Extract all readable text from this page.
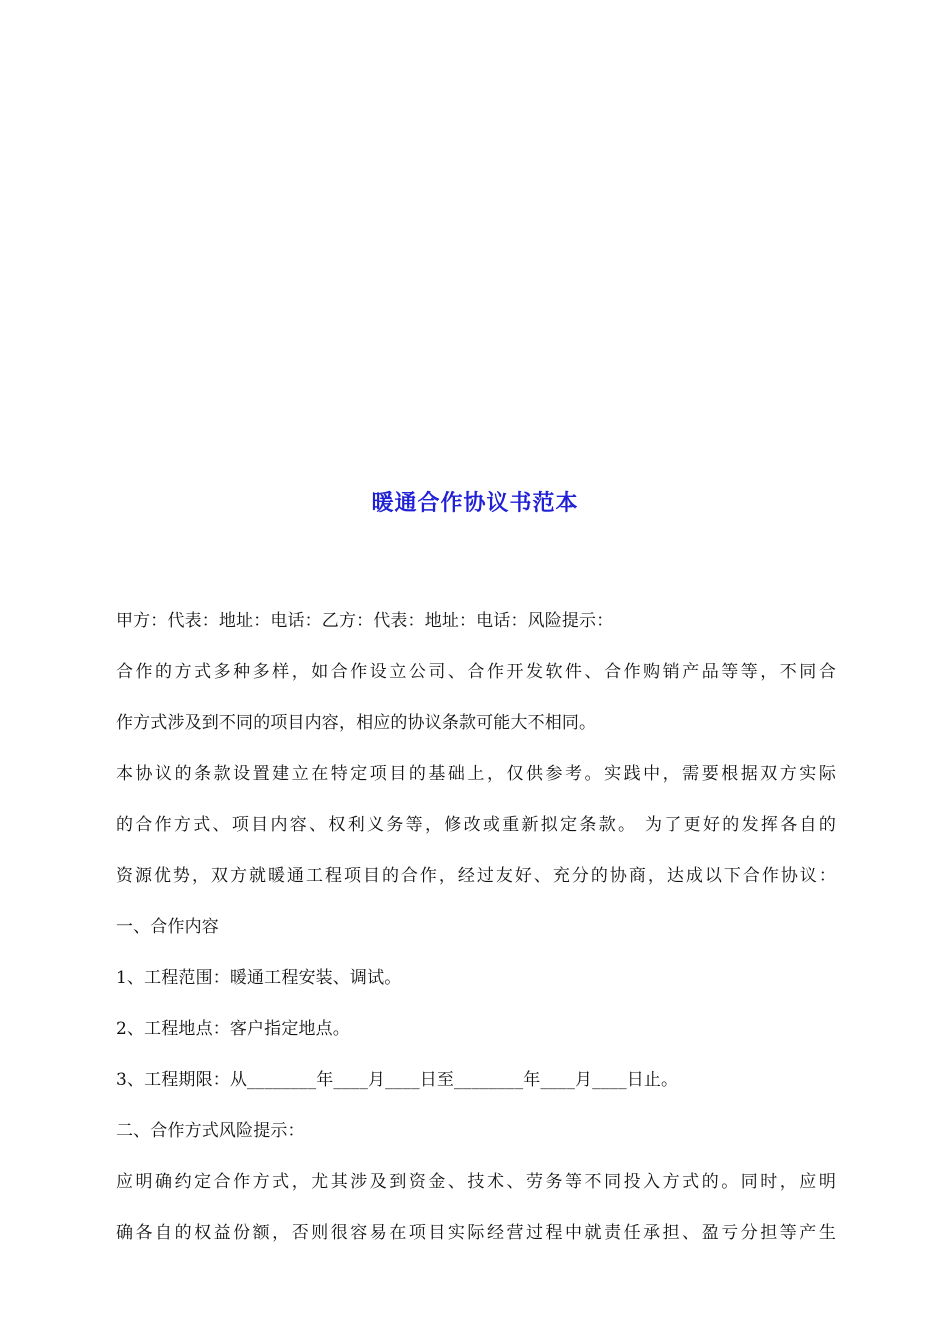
暖通合作协议书范本
甲方：代表：地址：电话：乙方：代表：地址：电话：风险提示：
合作的方式多种多样，如合作设立公司、合作开发软件、合作购销产品等等，不同合
作方式涉及到不同的项目内容，相应的协议条款可能大不相同。
本协议的条款设置建立在特定项目的基础上，仅供参考。实践中，需要根据双方实际
的合作方式、项目内容、权利义务等，修改或重新拟定条款。 为了更好的发挥各自的
资源优势，双方就暖通工程项目的合作，经过友好、充分的协商，达成以下合作协议：
一、合作内容
1、工程范围：暖通工程安装、调试。
2、工程地点：客户指定地点。
3、工程期限：从________年____月____日至________年____月____日止。
二、合作方式风险提示：
应明确约定合作方式，尤其涉及到资金、技术、劳务等不同投入方式的。同时，应明
确各自的权益份额，否则很容易在项目实际经营过程中就责任承担、盈亏分担等产生
